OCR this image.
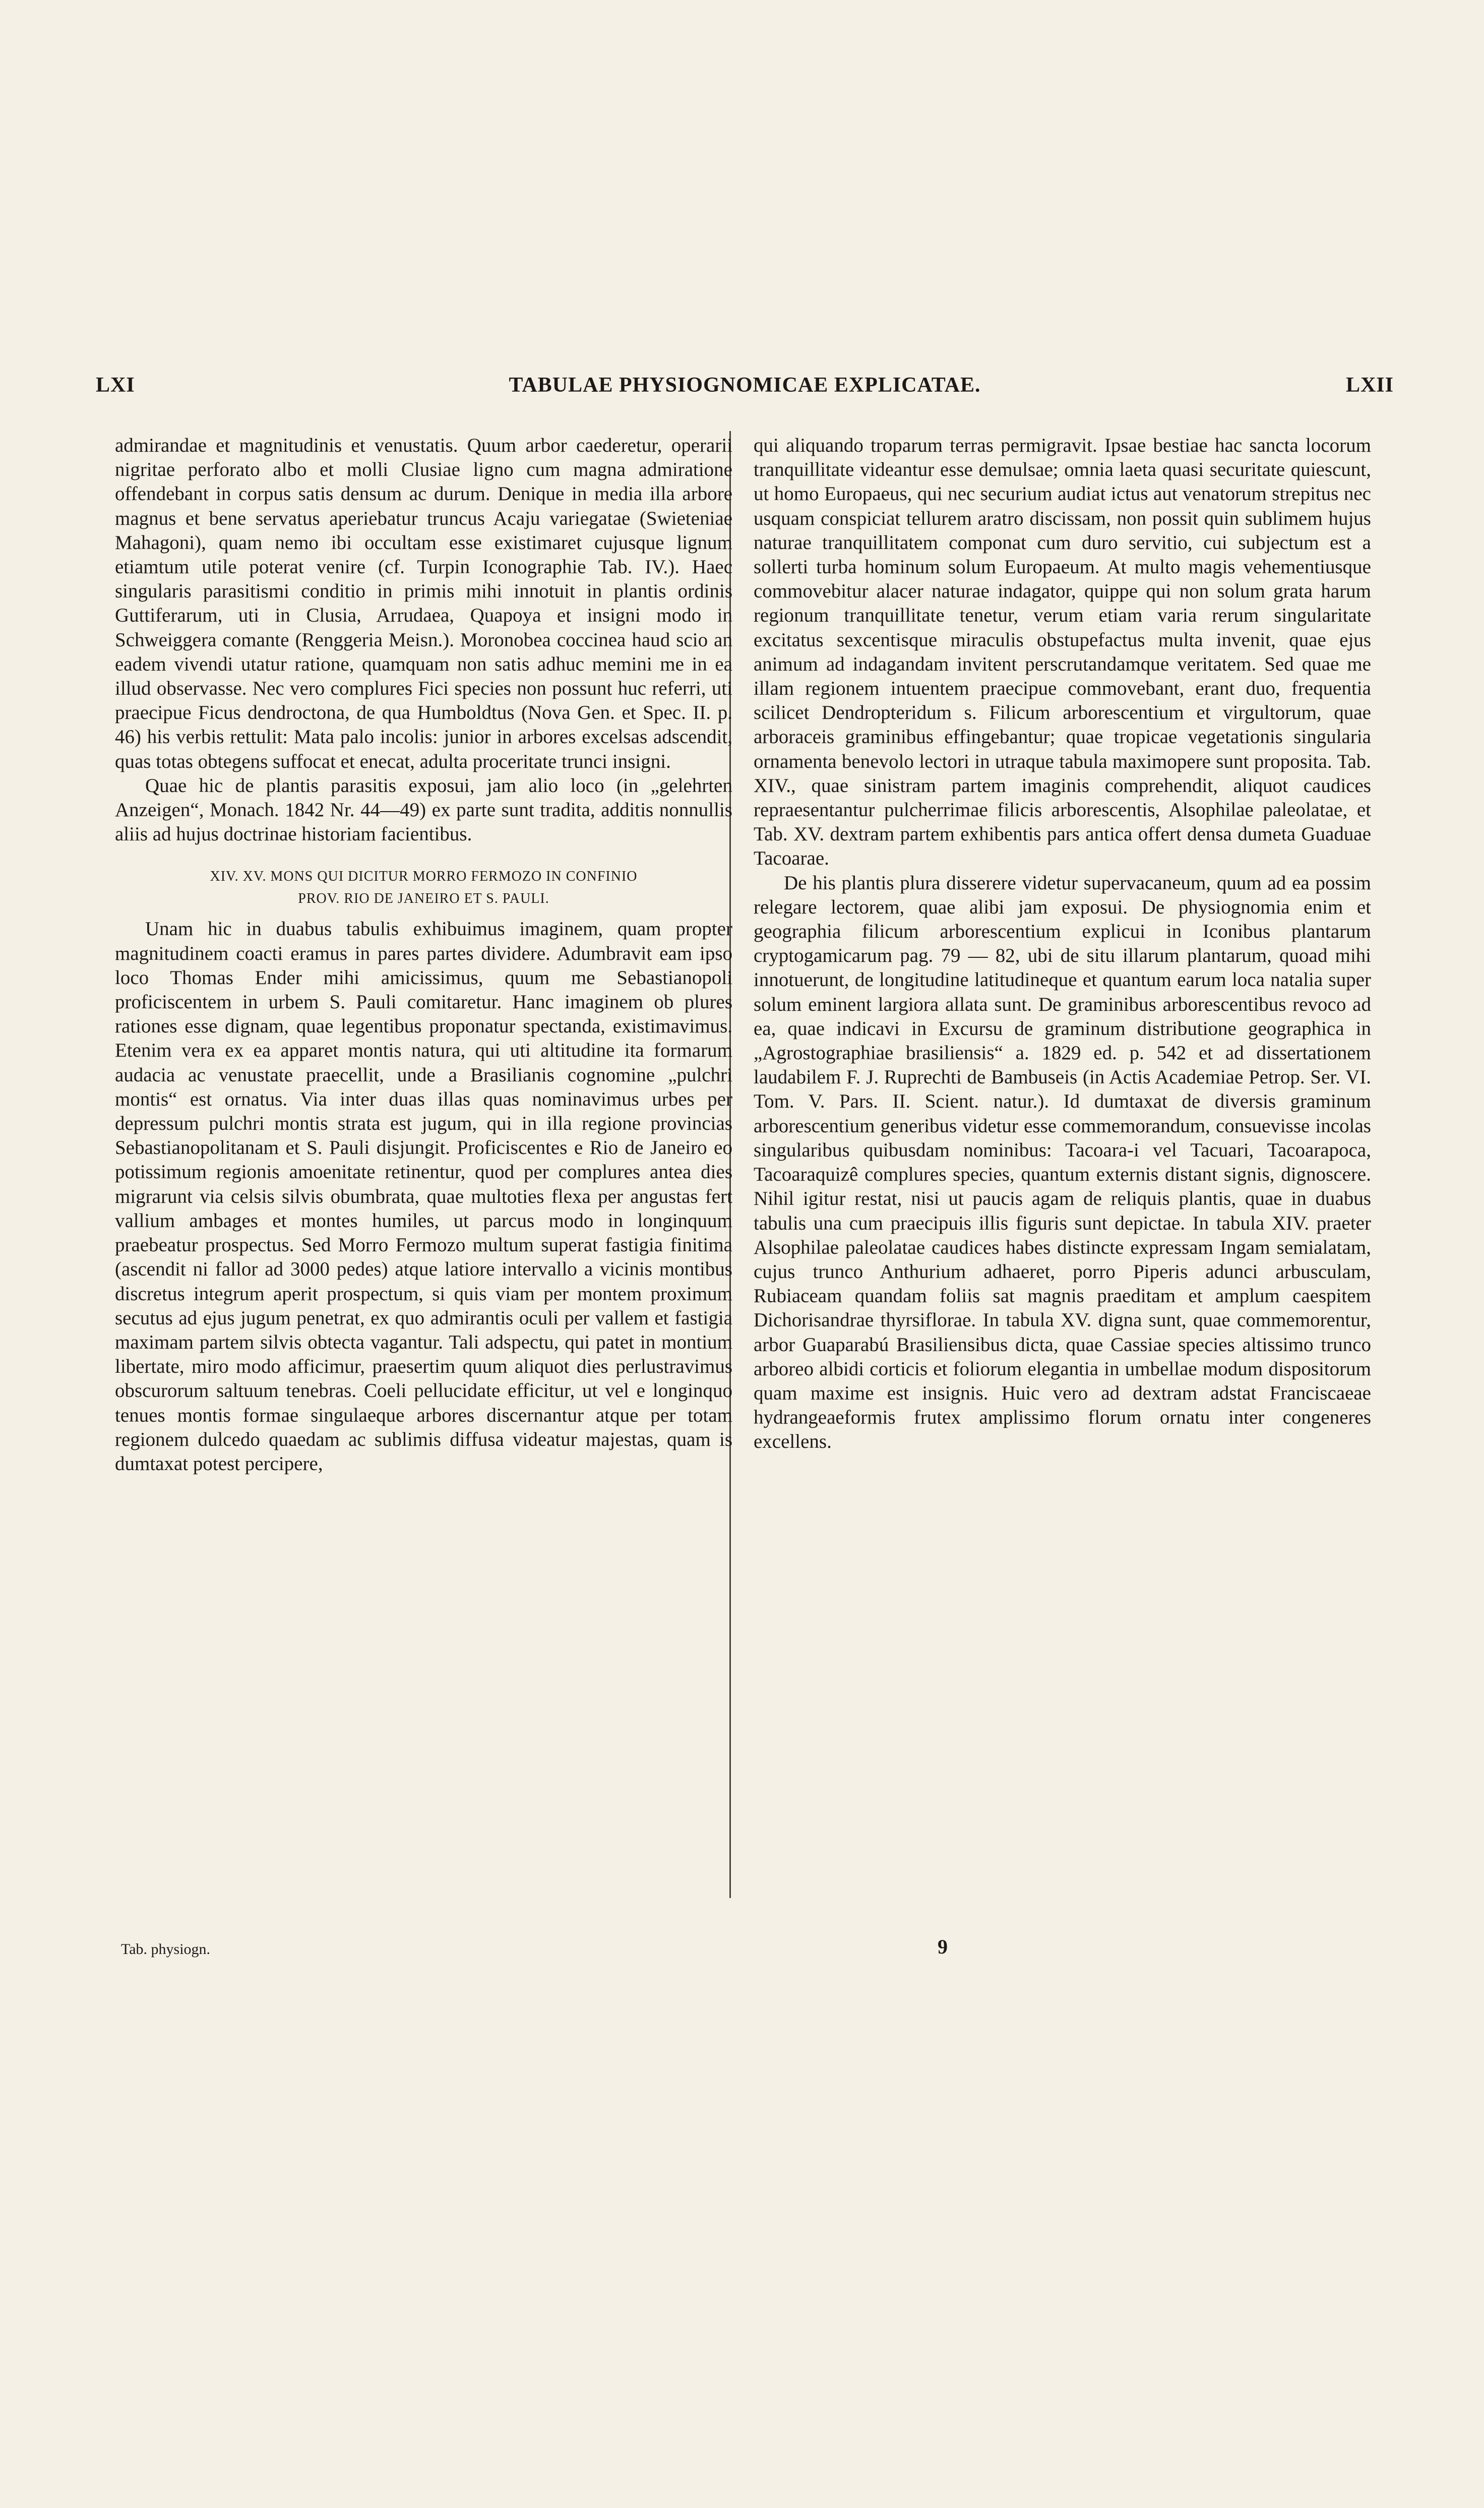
LXI	TABULAE PHYSIOGNOMICAE EXPLICATAE.	LXII

admirandae et magnitudinis et venustatis. Quum arbor caederetur, operarii nigritae perforato albo et molli Clusiae ligno cum magna admiratione offendebant in corpus satis densum ac durum. Denique in media illa arbore magnus et bene servatus aperiebatur truncus Acaju variegatae (Swieteniae Mahagoni), quam nemo ibi occultam esse existimaret cujusque lignum etiamtum utile poterat venire (cf. Turpin Iconographie Tab. IV.). Haec singularis parasitismi conditio in primis mihi innotuit in plantis ordinis Guttiferarum, uti in Clusia, Arrudaea, Quapoya et insigni modo in Schweiggera comante (Renggeria Meisn.). Moronobea coccinea haud scio an eadem vivendi utatur ratione, quamquam non satis adhuc memini me in ea illud observasse. Nec vero complures Fici species non possunt huc referri, uti praecipue Ficus dendroctona, de qua Humboldtus (Nova Gen. et Spec. II. p. 46) his verbis rettulit: Mata palo incolis: junior in arbores excelsas adscendit, quas totas obtegens suffocat et enecat, adulta proceritate trunci insigni.

Quae hic de plantis parasitis exposui, jam alio loco (in „gelehrten Anzeigen“, Monach. 1842 Nr. 44—49) ex parte sunt tradita, additis nonnullis aliis ad hujus doctrinae historiam facientibus.

XIV. XV. MONS QUI DICITUR MORRO FERMOZO IN CONFINIO
PROV. RIO DE JANEIRO ET S. PAULI.

Unam hic in duabus tabulis exhibuimus imaginem, quam propter magnitudinem coacti eramus in pares partes dividere. Adumbravit eam ipso loco Thomas Ender mihi amicissimus, quum me Sebastianopoli proficiscentem in urbem S. Pauli comitaretur. Hanc imaginem ob plures rationes esse dignam, quae legentibus proponatur spectanda, existimavimus. Etenim vera ex ea apparet montis natura, qui uti altitudine ita formarum audacia ac venustate praecellit, unde a Brasilianis cognomine „pulchri montis“ est ornatus. Via inter duas illas quas nominavimus urbes per depressum pulchri montis strata est jugum, qui in illa regione provincias Sebastianopolitanam et S. Pauli disjungit. Proficiscentes e Rio de Janeiro eo potissimum regionis amoenitate retinentur, quod per complures antea dies migrarunt via celsis silvis obumbrata, quae multoties flexa per angustas fert vallium ambages et montes humiles, ut parcus modo in longinquum praebeatur prospectus. Sed Morro Fermozo multum superat fastigia finitima (ascendit ni fallor ad 3000 pedes) atque latiore intervallo a vicinis montibus discretus integrum aperit prospectum, si quis viam per montem proximum secutus ad ejus jugum penetrat, ex quo admirantis oculi per vallem et fastigia maximam partem silvis obtecta vagantur. Tali adspectu, qui patet in montium libertate, miro modo afficimur, praesertim quum aliquot dies perlustravimus obscurorum saltuum tenebras. Coeli pellucidate efficitur, ut vel e longinquo tenues montis formae singulaeque arbores discernantur atque per totam regionem dulcedo quaedam ac sublimis diffusa videatur majestas, quam is dumtaxat potest percipere,

qui aliquando troparum terras permigravit. Ipsae bestiae hac sancta locorum tranquillitate videantur esse demulsae; omnia laeta quasi securitate quiescunt, ut homo Europaeus, qui nec securium audiat ictus aut venatorum strepitus nec usquam conspiciat tellurem aratro discissam, non possit quin sublimem hujus naturae tranquillitatem componat cum duro servitio, cui subjectum est a sollerti turba hominum solum Europaeum. At multo magis vehementiusque commovebitur alacer naturae indagator, quippe qui non solum grata harum regionum tranquillitate tenetur, verum etiam varia rerum singularitate excitatus sexcentisque miraculis obstupefactus multa invenit, quae ejus animum ad indagandam invitent perscrutandamque veritatem. Sed quae me illam regionem intuentem praecipue commovebant, erant duo, frequentia scilicet Dendropteridum s. Filicum arborescentium et virgultorum, quae arboraceis graminibus effingebantur; quae tropicae vegetationis singularia ornamenta benevolo lectori in utraque tabula maximopere sunt proposita. Tab. XIV., quae sinistram partem imaginis comprehendit, aliquot caudices repraesentantur pulcherrimae filicis arborescentis, Alsophilae paleolatae, et Tab. XV. dextram partem exhibentis pars antica offert densa dumeta Guaduae Tacoarae.

De his plantis plura disserere videtur supervacaneum, quum ad ea possim relegare lectorem, quae alibi jam exposui. De physiognomia enim et geographia filicum arborescentium explicui in Iconibus plantarum cryptogamicarum pag. 79 — 82, ubi de situ illarum plantarum, quoad mihi innotuerunt, de longitudine latitudineque et quantum earum loca natalia super solum eminent largiora allata sunt. De graminibus arborescentibus revoco ad ea, quae indicavi in Excursu de graminum distributione geographica in „Agrostographiae brasiliensis“ a. 1829 ed. p. 542 et ad dissertationem laudabilem F. J. Ruprechti de Bambuseis (in Actis Academiae Petrop. Ser. VI. Tom. V. Pars. II. Scient. natur.). Id dumtaxat de diversis graminum arborescentium generibus videtur esse commemorandum, consuevisse incolas singularibus quibusdam nominibus: Tacoara-i vel Tacuari, Tacoarapoca, Tacoaraquizê complures species, quantum externis distant signis, dignoscere. Nihil igitur restat, nisi ut paucis agam de reliquis plantis, quae in duabus tabulis una cum praecipuis illis figuris sunt depictae. In tabula XIV. praeter Alsophilae paleolatae caudices habes distincte expressam Ingam semialatam, cujus trunco Anthurium adhaeret, porro Piperis adunci arbusculam, Rubiaceam quandam foliis sat magnis praeditam et amplum caespitem Dichorisandrae thyrsiflorae. In tabula XV. digna sunt, quae commemorentur, arbor Guaparabú Brasiliensibus dicta, quae Cassiae species altissimo trunco arboreo albidi corticis et foliorum elegantia in umbellae modum dispositorum quam maxime est insignis. Huic vero ad dextram adstat Franciscaeae hydrangeaeformis frutex amplissimo florum ornatu inter congeneres excellens.

Tab. physiogn.	9
